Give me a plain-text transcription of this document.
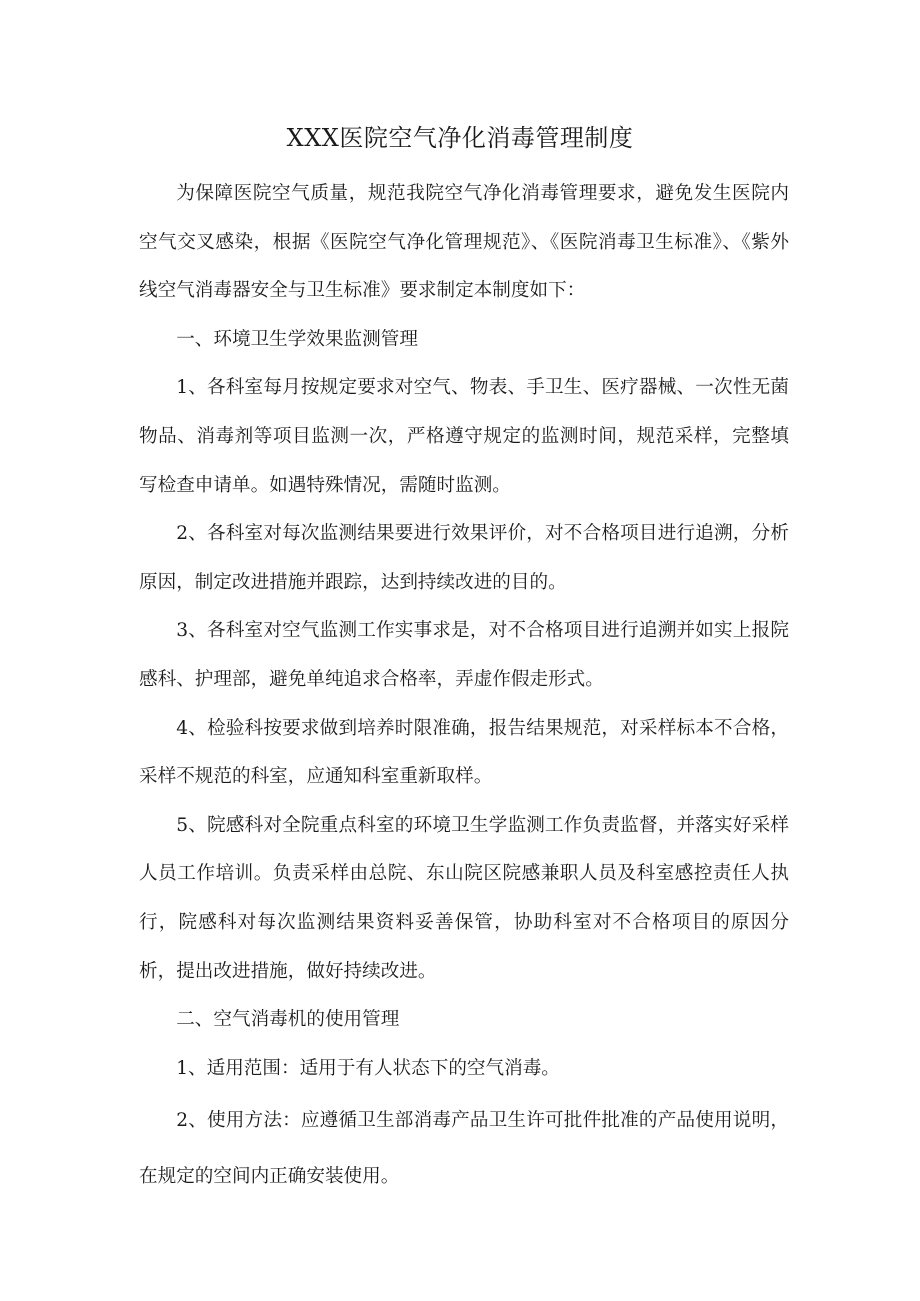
XXX医院空气净化消毒管理制度

为保障医院空气质量，规范我院空气净化消毒管理要求，避免发生医院内空气交叉感染，根据《医院空气净化管理规范》、《医院消毒卫生标准》、《紫外线空气消毒器安全与卫生标准》要求制定本制度如下：

一、环境卫生学效果监测管理

1、各科室每月按规定要求对空气、物表、手卫生、医疗器械、一次性无菌物品、消毒剂等项目监测一次，严格遵守规定的监测时间，规范采样，完整填写检查申请单。如遇特殊情况，需随时监测。

2、各科室对每次监测结果要进行效果评价，对不合格项目进行追溯，分析原因，制定改进措施并跟踪，达到持续改进的目的。

3、各科室对空气监测工作实事求是，对不合格项目进行追溯并如实上报院感科、护理部，避免单纯追求合格率，弄虚作假走形式。

4、检验科按要求做到培养时限准确，报告结果规范，对采样标本不合格，采样不规范的科室，应通知科室重新取样。

5、院感科对全院重点科室的环境卫生学监测工作负责监督，并落实好采样人员工作培训。负责采样由总院、东山院区院感兼职人员及科室感控责任人执行，院感科对每次监测结果资料妥善保管，协助科室对不合格项目的原因分析，提出改进措施，做好持续改进。

二、空气消毒机的使用管理

1、适用范围：适用于有人状态下的空气消毒。

2、使用方法：应遵循卫生部消毒产品卫生许可批件批准的产品使用说明，在规定的空间内正确安装使用。
